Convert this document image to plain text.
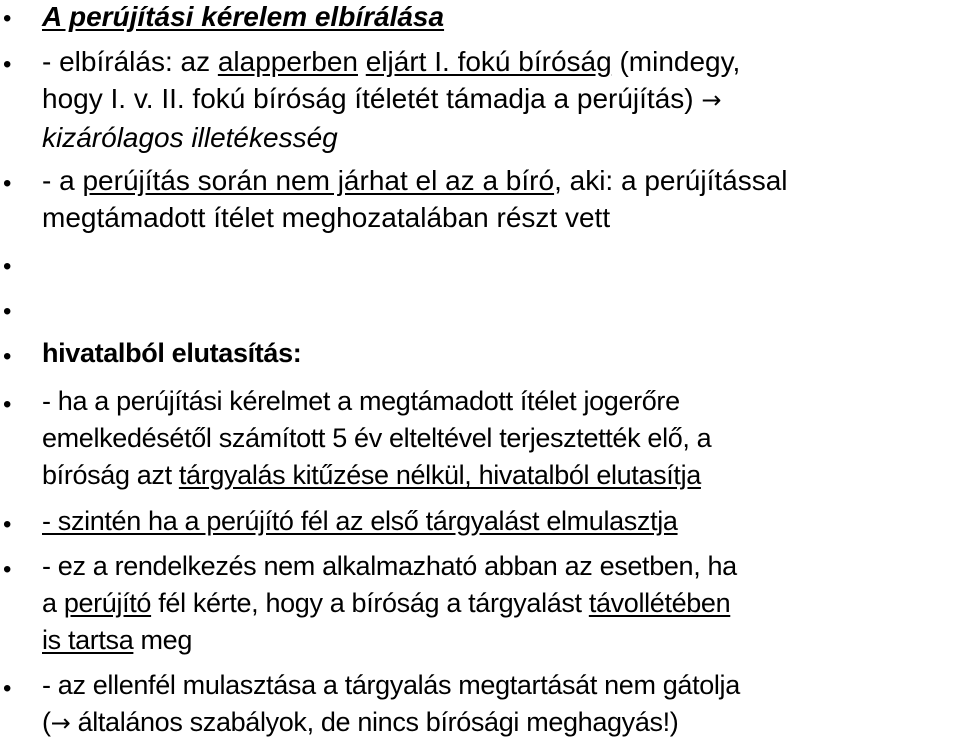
•
A perújítási kérelem elbírálása
•
- elbírálás: az alapperben eljárt I. fokú bíróság (mindegy,
hogy I. v. II. fokú bíróság ítéletét támadja a perújítás) →
kizárólagos illetékesség
•
- a perújítás során nem járhat el az a bíró, aki: a perújítással
megtámadott ítélet meghozatalában részt vett
•
•
•
hivatalból elutasítás:
•
- ha a perújítási kérelmet a megtámadott ítélet jogerőre
emelkedésétől számított 5 év elteltével terjesztették elő, a
bíróság azt tárgyalás kitűzése nélkül, hivatalból elutasítja
•
- szintén ha a perújító fél az első tárgyalást elmulasztja
•
- ez a rendelkezés nem alkalmazható abban az esetben, ha
a perújító fél kérte, hogy a bíróság a tárgyalást távollétében
is tartsa meg
•
- az ellenfél mulasztása a tárgyalás megtartását nem gátolja
(→ általános szabályok, de nincs bírósági meghagyás!)
